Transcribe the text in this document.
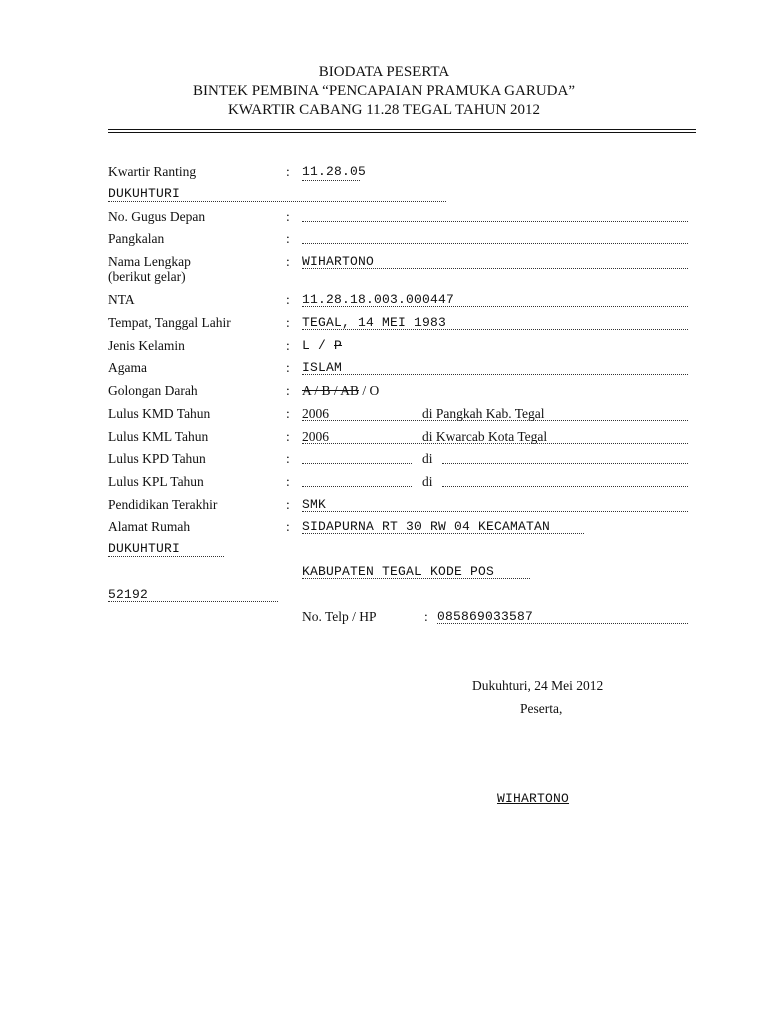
BIODATA PESERTA
BINTEK PEMBINA “PENCAPAIAN PRAMUKA GARUDA”
KWARTIR CABANG 11.28 TEGAL TAHUN 2012
Kwartir Ranting	: 11.28.05
DUKUHTURI
No. Gugus Depan	:
Pangkalan	:
Nama Lengkap
(berikut gelar)
: WIHARTONO
NTA	: 11.28.18.003.000447
Tempat, Tanggal Lahir	: TEGAL, 14 MEI 1983
Jenis Kelamin	: L / P
Agama	: ISLAM
Golongan Darah	: A / B / AB / O
Lulus KMD Tahun	: 2006	di Pangkah Kab. Tegal
Lulus KML Tahun	: 2006	di Kwarcab Kota Tegal
Lulus KPD Tahun	:	di
Lulus KPL Tahun	:	di
Pendidikan Terakhir	: SMK
Alamat Rumah	: SIDAPURNA RT 30 RW 04 KECAMATAN
DUKUHTURI
KABUPATEN TEGAL KODE POS
52192
No. Telp / HP	: 085869033587
Dukuhturi, 24 Mei 2012
Peserta,
WIHARTONO
